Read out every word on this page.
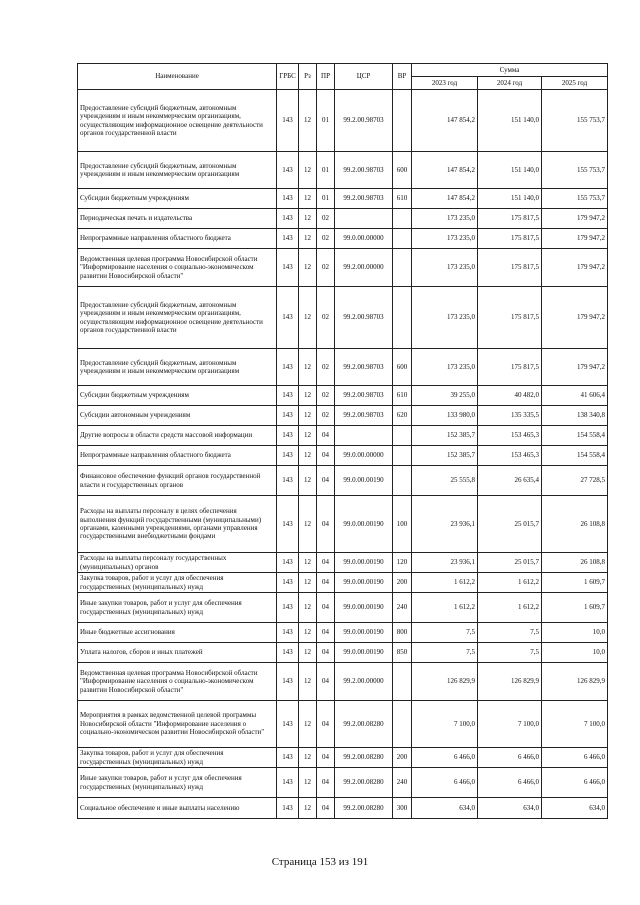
Наименование	ГРБС	Рз	ПР	ЦСР	ВР	Сумма		
						2023 год	2024 год	2025 год
Предоставление субсидий бюджетным, автономным учреждениям и иным некоммерческим организациям, осуществляющим информационное освещение деятельности органов государственной власти	143	12	01	99.2.00.98703		147 854,2	151 140,0	155 753,7
Предоставление субсидий бюджетным, автономным учреждениям и иным некоммерческим организациям	143	12	01	99.2.00.98703	600	147 854,2	151 140,0	155 753,7
Субсидии бюджетным учреждениям	143	12	01	99.2.00.98703	610	147 854,2	151 140,0	155 753,7
Периодическая печать и издательства	143	12	02			173 235,0	175 817,5	179 947,2
Непрограммные направления областного бюджета	143	12	02	99.0.00.00000		173 235,0	175 817,5	179 947,2
Ведомственная целевая программа Новосибирской области "Информирование населения о социально-экономическом развитии Новосибирской области"	143	12	02	99.2.00.00000		173 235,0	175 817,5	179 947,2
Предоставление субсидий бюджетным, автономным учреждениям и иным некоммерческим организациям, осуществляющим информационное освещение деятельности органов государственной власти	143	12	02	99.2.00.98703		173 235,0	175 817,5	179 947,2
Предоставление субсидий бюджетным, автономным учреждениям и иным некоммерческим организациям	143	12	02	99.2.00.98703	600	173 235,0	175 817,5	179 947,2
Субсидии бюджетным учреждениям	143	12	02	99.2.00.98703	610	39 255,0	40 482,0	41 606,4
Субсидии автономным учреждениям	143	12	02	99.2.00.98703	620	133 980,0	135 335,5	138 340,8
Другие вопросы в области средств массовой информации	143	12	04			152 385,7	153 465,3	154 558,4
Непрограммные направления областного бюджета	143	12	04	99.0.00.00000		152 385,7	153 465,3	154 558,4
Финансовое обеспечение функций органов государственной власти и государственных органов	143	12	04	99.0.00.00190		25 555,8	26 635,4	27 728,5
Расходы на выплаты персоналу в целях обеспечения выполнения функций государственными (муниципальными) органами, казенными учреждениями, органами управления государственными внебюджетными фондами	143	12	04	99.0.00.00190	100	23 936,1	25 015,7	26 108,8
Расходы на выплаты персоналу государственных (муниципальных) органов	143	12	04	99.0.00.00190	120	23 936,1	25 015,7	26 108,8
Закупка товаров, работ и услуг для обеспечения государственных (муниципальных) нужд	143	12	04	99.0.00.00190	200	1 612,2	1 612,2	1 609,7
Иные закупки товаров, работ и услуг для обеспечения государственных (муниципальных) нужд	143	12	04	99.0.00.00190	240	1 612,2	1 612,2	1 609,7
Иные бюджетные ассигнования	143	12	04	99.0.00.00190	800	7,5	7,5	10,0
Уплата налогов, сборов и иных платежей	143	12	04	99.0.00.00190	850	7,5	7,5	10,0
Ведомственная целевая программа Новосибирской области "Информирование населения о социально-экономическом развитии Новосибирской области"	143	12	04	99.2.00.00000		126 829,9	126 829,9	126 829,9
Мероприятия в рамках ведомственной целевой программы Новосибирской области "Информирование населения о социально-экономическом развитии Новосибирской области"	143	12	04	99.2.00.08280		7 100,0	7 100,0	7 100,0
Закупка товаров, работ и услуг для обеспечения государственных (муниципальных) нужд	143	12	04	99.2.00.08280	200	6 466,0	6 466,0	6 466,0
Иные закупки товаров, работ и услуг для обеспечения государственных (муниципальных) нужд	143	12	04	99.2.00.08280	240	6 466,0	6 466,0	6 466,0
Социальное обеспечение и иные выплаты населению	143	12	04	99.2.00.08280	300	634,0	634,0	634,0
Страница 153 из 191
